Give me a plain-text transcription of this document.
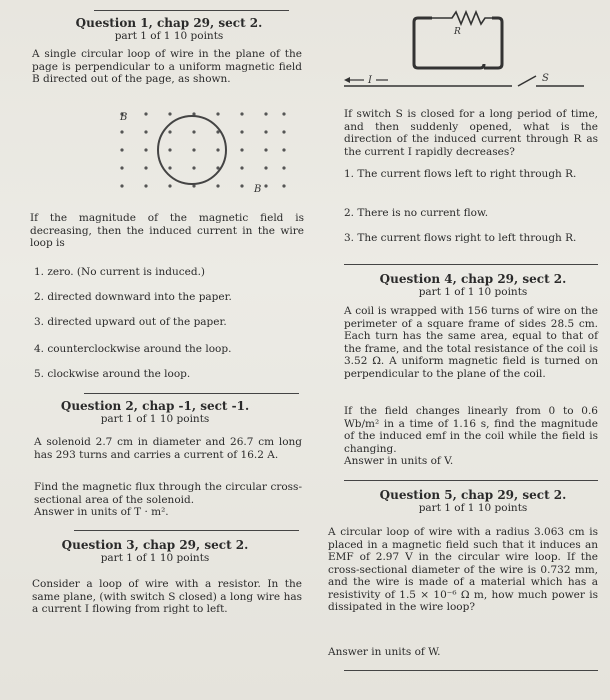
Question 1, chap 29, sect 2.
part 1 of 1 10 points
A single circular loop of wire in the plane of the page is perpendicular to a uniform magnetic field B directed out of the page, as shown.
B
B
If the magnitude of the magnetic field is decreasing, then the induced current in the wire loop is
1. zero. (No current is induced.)
2. directed downward into the paper.
3. directed upward out of the paper.
4. counterclockwise around the loop.
5. clockwise around the loop.
Question 2, chap -1, sect -1.
part 1 of 1 10 points
A solenoid 2.7 cm in diameter and 26.7 cm long has 293 turns and carries a current of 16.2 A.
Find the magnetic flux through the circular cross-sectional area of the solenoid.
Answer in units of T · m².
Question 3, chap 29, sect 2.
part 1 of 1 10 points
Consider a loop of wire with a resistor. In the same plane, (with switch S closed) a long wire has a current I flowing from right to left.
R
S
I
If switch S is closed for a long period of time, and then suddenly opened, what is the direction of the induced current through R as the current I rapidly decreases?
1. The current flows left to right through R.
2. There is no current flow.
3. The current flows right to left through R.
Question 4, chap 29, sect 2.
part 1 of 1 10 points
A coil is wrapped with 156 turns of wire on the perimeter of a square frame of sides 28.5 cm. Each turn has the same area, equal to that of the frame, and the total resistance of the coil is 3.52 Ω. A uniform magnetic field is turned on perpendicular to the plane of the coil.
If the field changes linearly from 0 to 0.6 Wb/m² in a time of 1.16 s, find the magnitude of the induced emf in the coil while the field is changing.
Answer in units of V.
Question 5, chap 29, sect 2.
part 1 of 1 10 points
A circular loop of wire with a radius 3.063 cm is placed in a magnetic field such that it induces an EMF of 2.97 V in the circular wire loop. If the cross-sectional diameter of the wire is 0.732 mm, and the wire is made of a material which has a resistivity of 1.5 × 10⁻⁶ Ω m, how much power is dissipated in the wire loop?
Answer in units of W.
